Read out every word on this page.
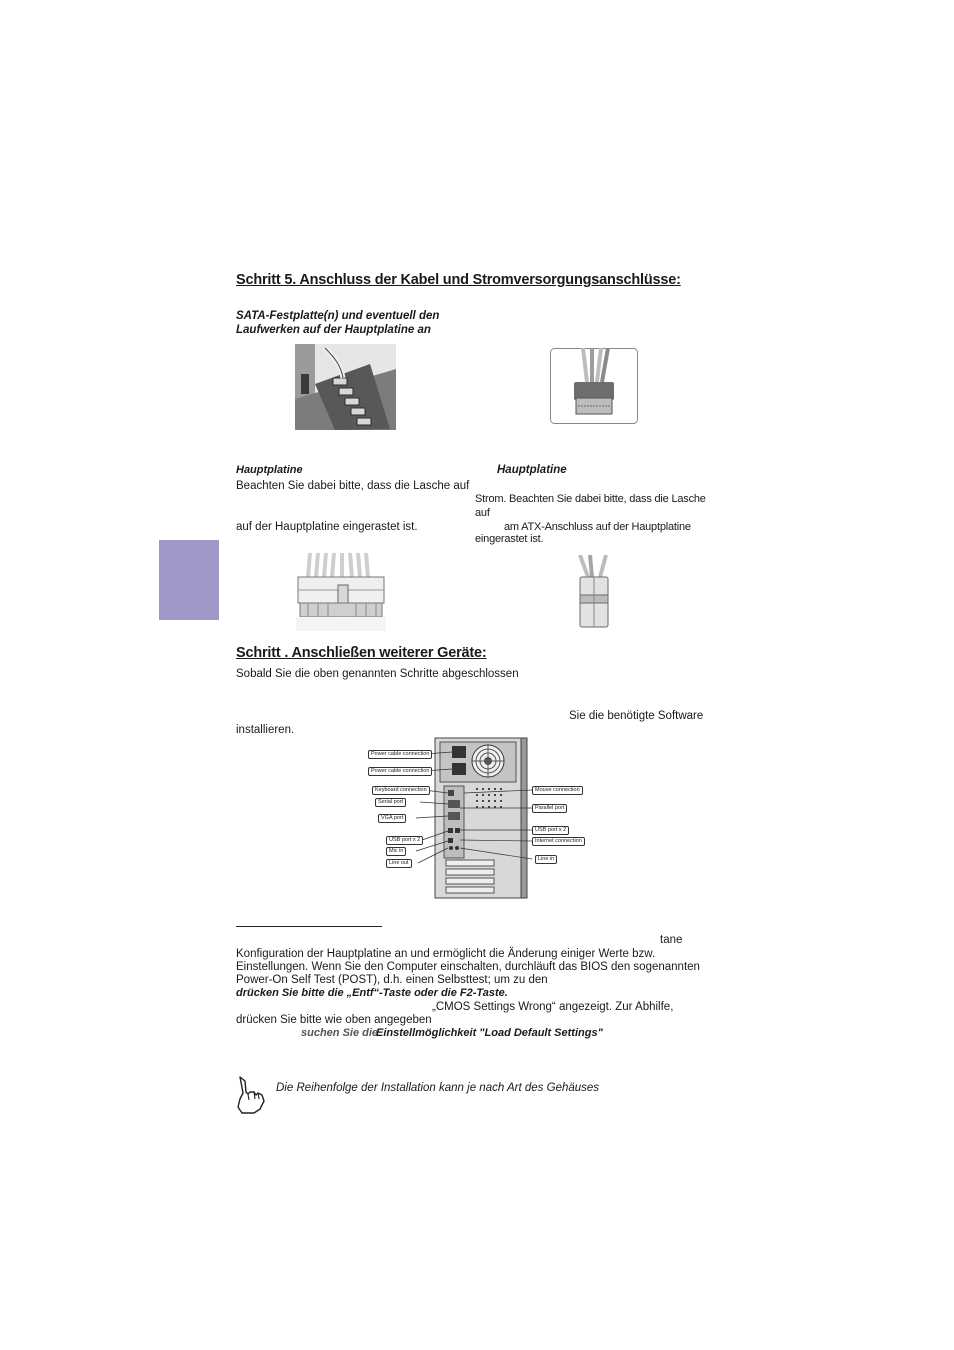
Schritt 5. Anschluss der Kabel und Stromversorgungsanschlüsse:
SATA-Festplatte(n) und eventuell den
Laufwerken auf der Hauptplatine an
Hauptplatine	Hauptplatine
Beachten Sie dabei bitte, dass die Lasche auf
Strom. Beachten Sie dabei bitte, dass die Lasche
auf
auf der Hauptplatine eingerastet ist.	am ATX-Anschluss auf der Hauptplatine
eingerastet ist.
Schritt . Anschließen weiterer Geräte:
Sobald Sie die oben genannten Schritte abgeschlossen
Sie die benötigte Software
installieren.
Power cable connection
Power cable connection
Keyboard connection
Serial port
VGA port
USB port x 2
Mic in
Line out
Mouse connection
Parallel port
USB port x 2
Internet connection
Line in
tane
Konfiguration der Hauptplatine an und ermöglicht die Änderung einiger Werte bzw.
Einstellungen. Wenn Sie den Computer einschalten, durchläuft das BIOS den sogenannten
Power-On Self Test (POST), d.h. einen Selbsttest; um zu den
drücken Sie bitte die „Entf“-Taste oder die F2-Taste.
„CMOS Settings Wrong“ angezeigt. Zur Abhilfe,
drücken Sie bitte wie oben angegeben
suchen Sie die
Einstellmöglichkeit "Load Default Settings"
Die Reihenfolge der Installation kann je nach Art des Gehäuses
